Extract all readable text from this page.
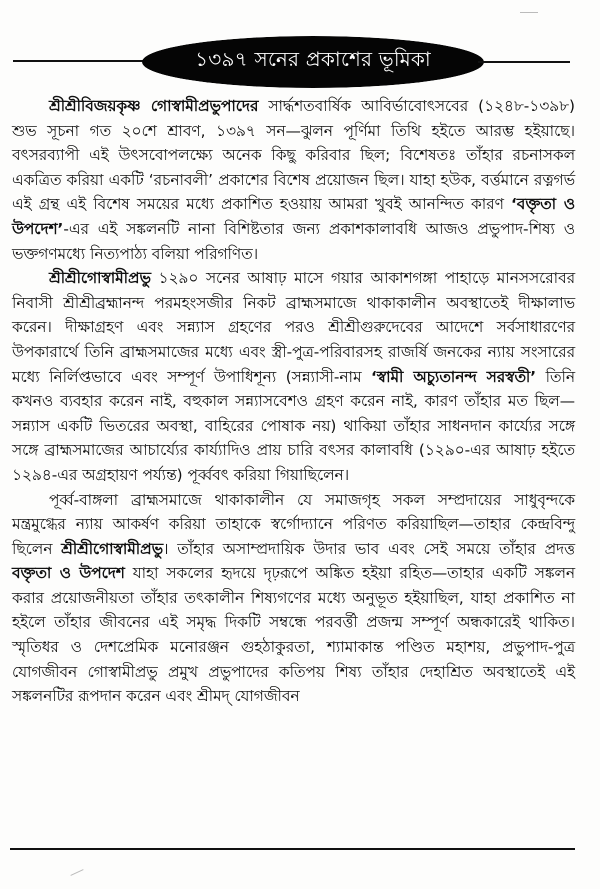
১৩৯৭ সনের প্রকাশের ভূমিকা

শ্রীশ্রীবিজয়কৃষ্ণ গোস্বামীপ্রভুপাদের সার্দ্ধশতবার্ষিক আবির্ভাবোৎসবের (১২৪৮-১৩৯৮) শুভ সূচনা গত ২০শে শ্রাবণ, ১৩৯৭ সন—ঝুলন পূর্ণিমা তিথি হইতে আরম্ভ হইয়াছে। বৎসরব্যাপী এই উৎসবোপলক্ষ্যে অনেক কিছু করিবার ছিল; বিশেষতঃ তাঁহার রচনাসকল একত্রিত করিয়া একটি ‘রচনাবলী’ প্রকাশের বিশেষ প্রয়োজন ছিল। যাহা হউক, বর্ত্তমানে রত্নগর্ভ এই গ্রন্থ এই বিশেষ সময়ের মধ্যে প্রকাশিত হওয়ায় আমরা খুবই আনন্দিত কারণ ‘বক্তৃতা ও উপদেশ’-এর এই সঙ্কলনটি নানা বিশিষ্টতার জন্য প্রকাশকালাবধি আজও প্রভুপাদ-শিষ্য ও ভক্তগণমধ্যে নিত্যপাঠ্য বলিয়া পরিগণিত।

শ্রীশ্রীগোস্বামীপ্রভু ১২৯০ সনের আষাঢ় মাসে গয়ার আকাশগঙ্গা পাহাড়ে মানসসরোবর নিবাসী শ্রীশ্রীব্রহ্মানন্দ পরমহংসজীর নিকট ব্রাহ্মসমাজে থাকাকালীন অবস্থাতেই দীক্ষালাভ করেন। দীক্ষাগ্রহণ এবং সন্ন্যাস গ্রহণের পরও শ্রীশ্রীগুরুদেবের আদেশে সর্বসাধারণের উপকারার্থে তিনি ব্রাহ্মসমাজের মধ্যে এবং স্ত্রী-পুত্র-পরিবারসহ রাজর্ষি জনকের ন্যায় সংসারের মধ্যে নির্লিপ্তভাবে এবং সম্পূর্ণ উপাধিশূন্য (সন্ন্যাসী-নাম ‘স্বামী অচ্যুতানন্দ সরস্বতী’ তিনি কখনও ব্যবহার করেন নাই, বহুকাল সন্ন্যাসবেশও গ্রহণ করেন নাই, কারণ তাঁহার মত ছিল—সন্ন্যাস একটি ভিতরের অবস্থা, বাহিরের পোষাক নয়) থাকিয়া তাঁহার সাধনদান কার্য্যের সঙ্গে সঙ্গে ব্রাহ্মসমাজের আচার্য্যের কার্য্যাদিও প্রায় চারি বৎসর কালাবধি (১২৯০-এর আষাঢ় হইতে ১২৯৪-এর অগ্রহায়ণ পর্য্যন্ত) পূর্ব্ববৎ করিয়া গিয়াছিলেন।

পূর্ব্ব-বাঙ্গলা ব্রাহ্মসমাজে থাকাকালীন যে সমাজগৃহ সকল সম্প্রদায়ের সাধুবৃন্দকে মন্ত্রমুগ্ধের ন্যায় আকর্ষণ করিয়া তাহাকে স্বর্গোদ্যানে পরিণত করিয়াছিল—তাহার কেন্দ্রবিন্দু ছিলেন শ্রীশ্রীগোস্বামীপ্রভু। তাঁহার অসাম্প্রদায়িক উদার ভাব এবং সেই সময়ে তাঁহার প্রদত্ত বক্তৃতা ও উপদেশ যাহা সকলের হৃদয়ে দৃঢ়রূপে অঙ্কিত হইয়া রহিত—তাহার একটি সঙ্কলন করার প্রয়োজনীয়তা তাঁহার তৎকালীন শিষ্যগণের মধ্যে অনুভূত হইয়াছিল, যাহা প্রকাশিত না হইলে তাঁহার জীবনের এই সমৃদ্ধ দিকটি সম্বন্ধে পরবর্ত্তী প্রজন্ম সম্পূর্ণ অন্ধকারেই থাকিত। স্মৃতিধর ও দেশপ্রেমিক মনোরঞ্জন গুহঠাকুরতা, শ্যামাকান্ত পণ্ডিত মহাশয়, প্রভুপাদ-পুত্র যোগজীবন গোস্বামীপ্রভু প্রমুখ প্রভুপাদের কতিপয় শিষ্য তাঁহার দেহাশ্রিত অবস্থাতেই এই সঙ্কলনটির রূপদান করেন এবং শ্রীমদ্ যোগজীবন
